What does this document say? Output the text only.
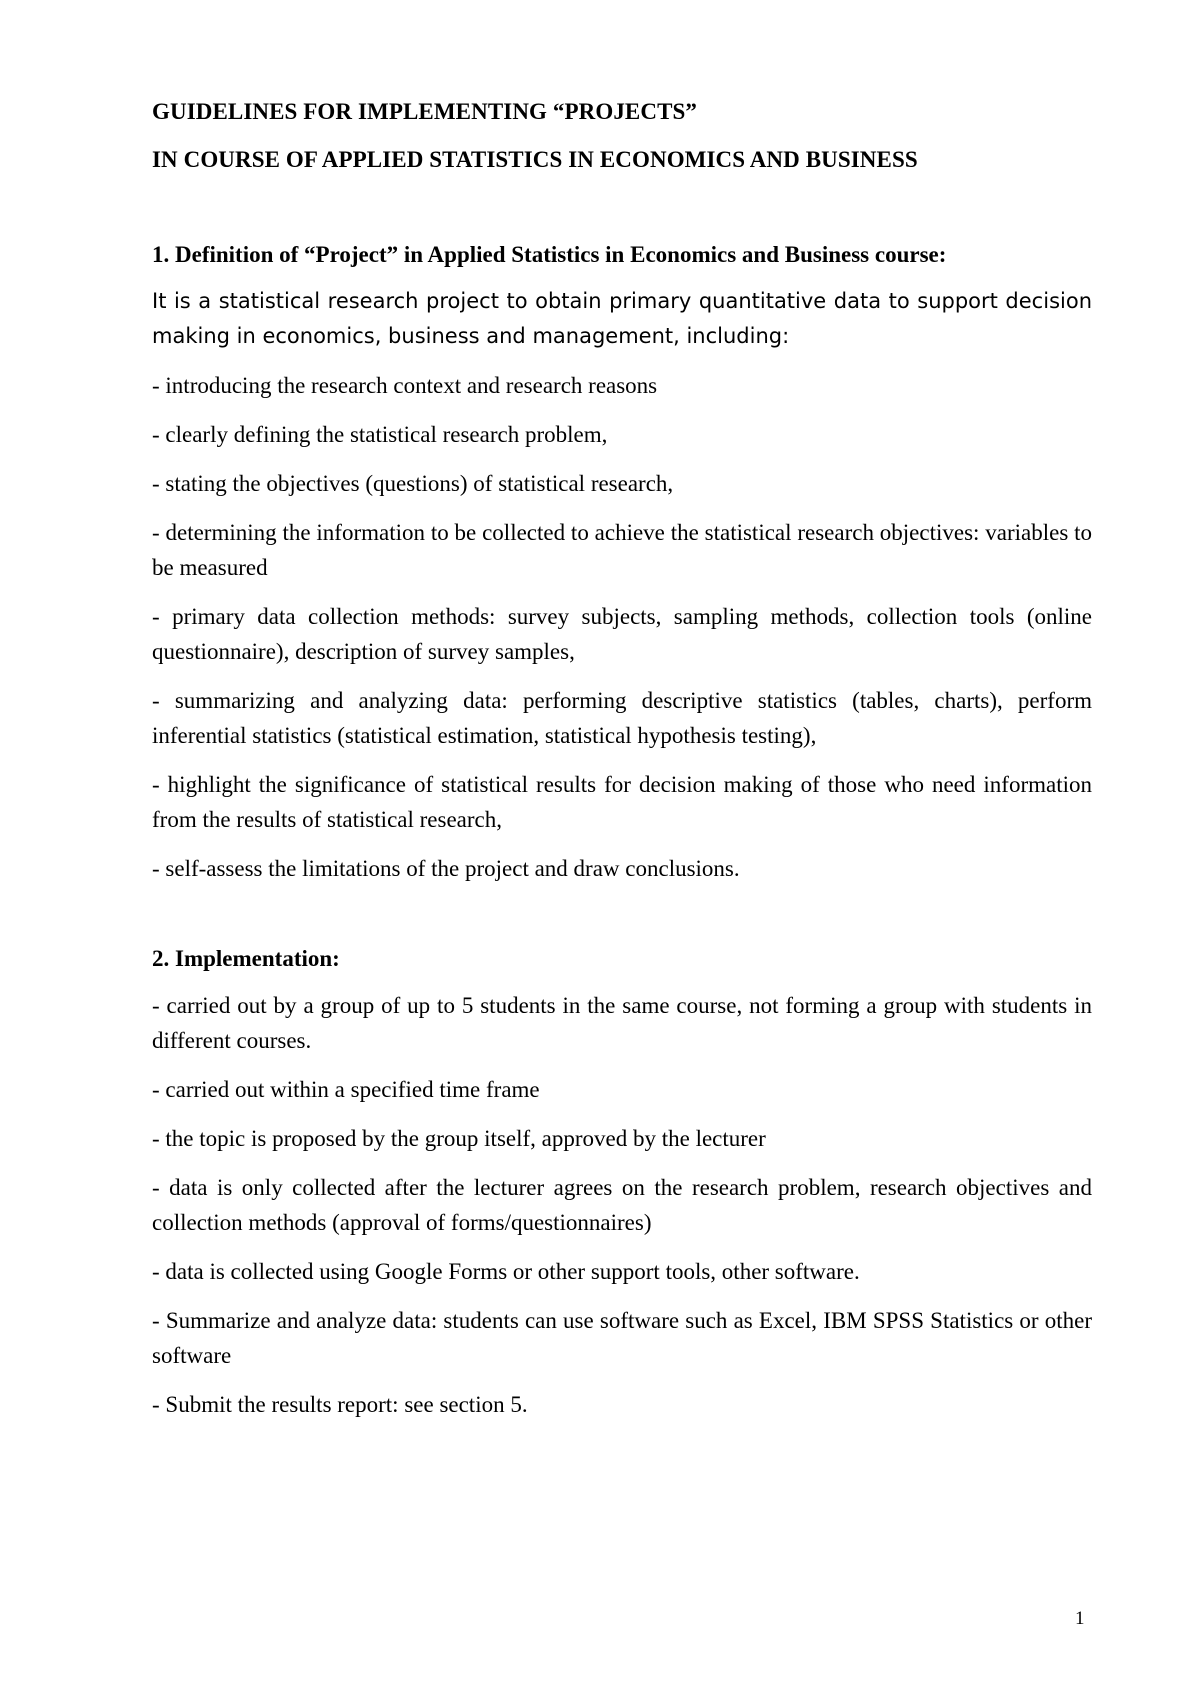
GUIDELINES FOR IMPLEMENTING “PROJECTS”
IN COURSE OF APPLIED STATISTICS IN ECONOMICS AND BUSINESS
1. Definition of “Project” in Applied Statistics in Economics and Business course:

It is a statistical research project to obtain primary quantitative data to support decision making in economics, business and management, including:

- introducing the research context and research reasons

- clearly defining the statistical research problem,

- stating the objectives (questions) of statistical research,

- determining the information to be collected to achieve the statistical research objectives: variables to be measured

- primary data collection methods: survey subjects, sampling methods, collection tools (online questionnaire), description of survey samples,

- summarizing and analyzing data: performing descriptive statistics (tables, charts), perform inferential statistics (statistical estimation, statistical hypothesis testing),

- highlight the significance of statistical results for decision making of those who need information from the results of statistical research,

- self-assess the limitations of the project and draw conclusions.

2. Implementation:

- carried out by a group of up to 5 students in the same course, not forming a group with students in different courses.

- carried out within a specified time frame

- the topic is proposed by the group itself, approved by the lecturer

- data is only collected after the lecturer agrees on the research problem, research objectives and collection methods (approval of forms/questionnaires)

- data is collected using Google Forms or other support tools, other software.

- Summarize and analyze data: students can use software such as Excel, IBM SPSS Statistics or other software

- Submit the results report: see section 5.

1
